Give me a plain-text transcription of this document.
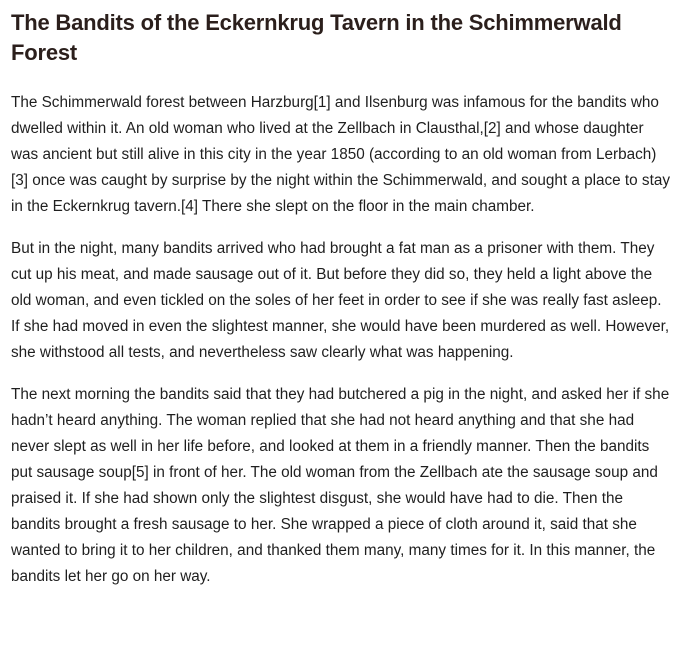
The Bandits of the Eckernkrug Tavern in the Schimmerwald Forest

The Schimmerwald forest between Harzburg[1] and Ilsenburg was infamous for the bandits who dwelled within it. An old woman who lived at the Zellbach in Clausthal,[2] and whose daughter was ancient but still alive in this city in the year 1850 (according to an old woman from Lerbach)[3] once was caught by surprise by the night within the Schimmerwald, and sought a place to stay in the Eckernkrug tavern.[4] There she slept on the floor in the main chamber.

But in the night, many bandits arrived who had brought a fat man as a prisoner with them. They cut up his meat, and made sausage out of it. But before they did so, they held a light above the old woman, and even tickled on the soles of her feet in order to see if she was really fast asleep. If she had moved in even the slightest manner, she would have been murdered as well. However, she withstood all tests, and nevertheless saw clearly what was happening.

The next morning the bandits said that they had butchered a pig in the night, and asked her if she hadn’t heard anything. The woman replied that she had not heard anything and that she had never slept as well in her life before, and looked at them in a friendly manner. Then the bandits put sausage soup[5] in front of her. The old woman from the Zellbach ate the sausage soup and praised it. If she had shown only the slightest disgust, she would have had to die. Then the bandits brought a fresh sausage to her. She wrapped a piece of cloth around it, said that she wanted to bring it to her children, and thanked them many, many times for it. In this manner, the bandits let her go on her way.
